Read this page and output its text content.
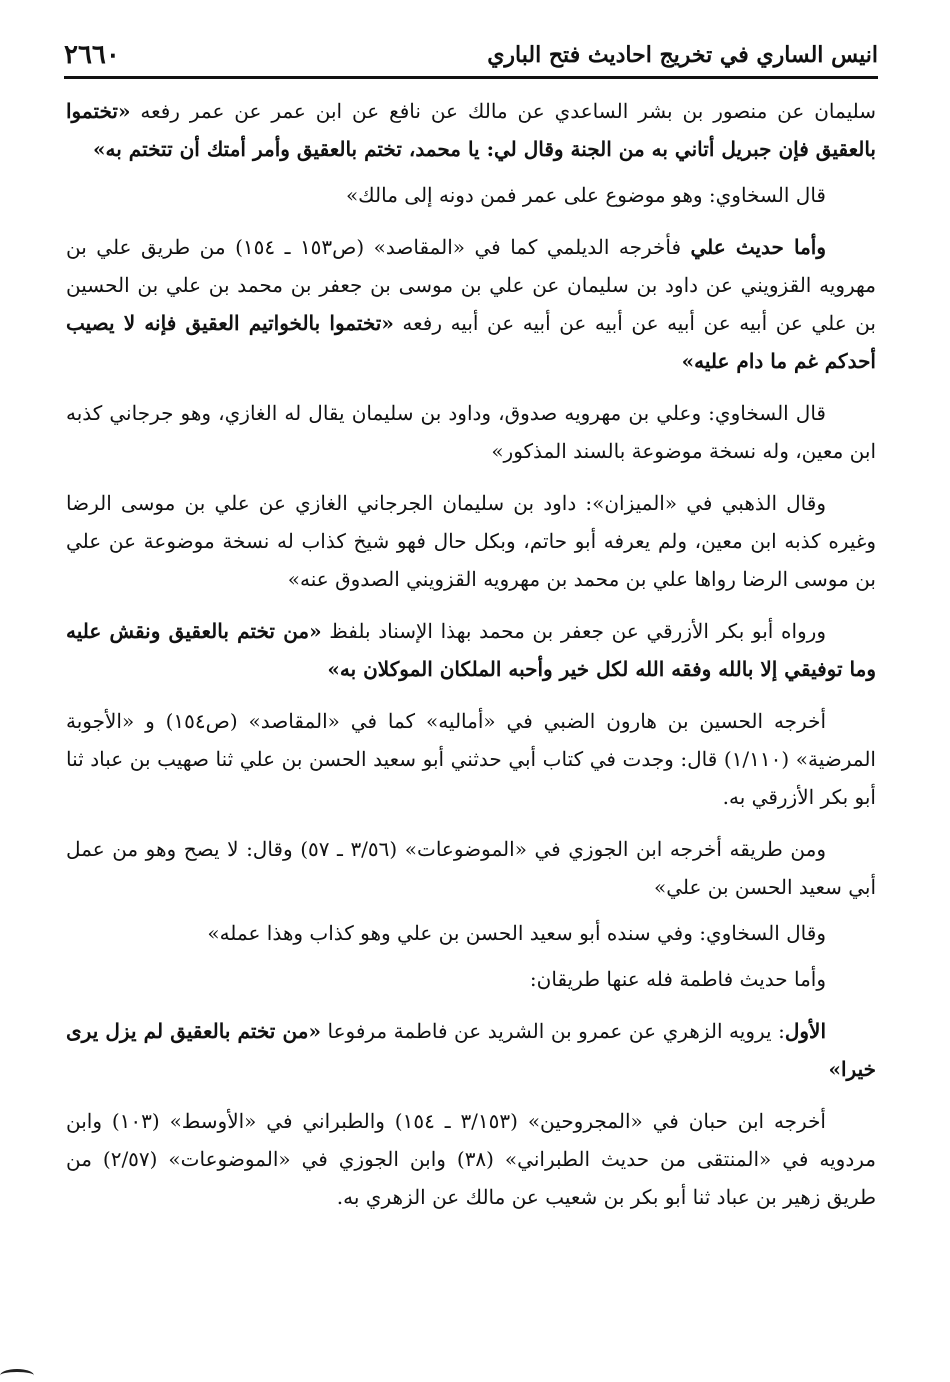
٢٦٦٠	انيس الساري في تخريج احاديث فتح الباري

سليمان عن منصور بن بشر الساعدي عن مالك عن نافع عن ابن عمر عن عمر رفعه «تختموا بالعقيق فإن جبريل أتاني به من الجنة وقال لي: يا محمد، تختم بالعقيق وأمر أمتك أن تتختم به»

قال السخاوي: وهو موضوع على عمر فمن دونه إلى مالك»

وأما حديث علي فأخرجه الديلمي كما في «المقاصد» (ص١٥٣ ـ ١٥٤) من طريق علي بن مهرويه القزويني عن داود بن سليمان عن علي بن موسى بن جعفر بن محمد بن علي بن الحسين بن علي عن أبيه عن أبيه عن أبيه عن أبيه عن أبيه رفعه «تختموا بالخواتيم العقيق فإنه لا يصيب أحدكم غم ما دام عليه»

قال السخاوي: وعلي بن مهرويه صدوق، وداود بن سليمان يقال له الغازي، وهو جرجاني كذبه ابن معين، وله نسخة موضوعة بالسند المذكور»

وقال الذهبي في «الميزان»: داود بن سليمان الجرجاني الغازي عن علي بن موسى الرضا وغيره كذبه ابن معين، ولم يعرفه أبو حاتم، وبكل حال فهو شيخ كذاب له نسخة موضوعة عن علي بن موسى الرضا رواها علي بن محمد بن مهرويه القزويني الصدوق عنه»

ورواه أبو بكر الأزرقي عن جعفر بن محمد بهذا الإسناد بلفظ «من تختم بالعقيق ونقش عليه وما توفيقي إلا بالله وفقه الله لكل خير وأحبه الملكان الموكلان به»

أخرجه الحسين بن هارون الضبي في «أماليه» كما في «المقاصد» (ص١٥٤) و «الأجوبة المرضية» (١/١١٠) قال: وجدت في كتاب أبي حدثني أبو سعيد الحسن بن علي ثنا صهيب بن عباد ثنا أبو بكر الأزرقي به.

ومن طريقه أخرجه ابن الجوزي في «الموضوعات» (٣/٥٦ ـ ٥٧) وقال: لا يصح وهو من عمل أبي سعيد الحسن بن علي»

وقال السخاوي: وفي سنده أبو سعيد الحسن بن علي وهو كذاب وهذا عمله»

وأما حديث فاطمة فله عنها طريقان:

الأول: يرويه الزهري عن عمرو بن الشريد عن فاطمة مرفوعا «من تختم بالعقيق لم يزل يرى خيرا»

أخرجه ابن حبان في «المجروحين» (٣/١٥٣ ـ ١٥٤) والطبراني في «الأوسط» (١٠٣) وابن مردويه في «المنتقى من حديث الطبراني» (٣٨) وابن الجوزي في «الموضوعات» (٢/٥٧) من طريق زهير بن عباد ثنا أبو بكر بن شعيب عن مالك عن الزهري به.
